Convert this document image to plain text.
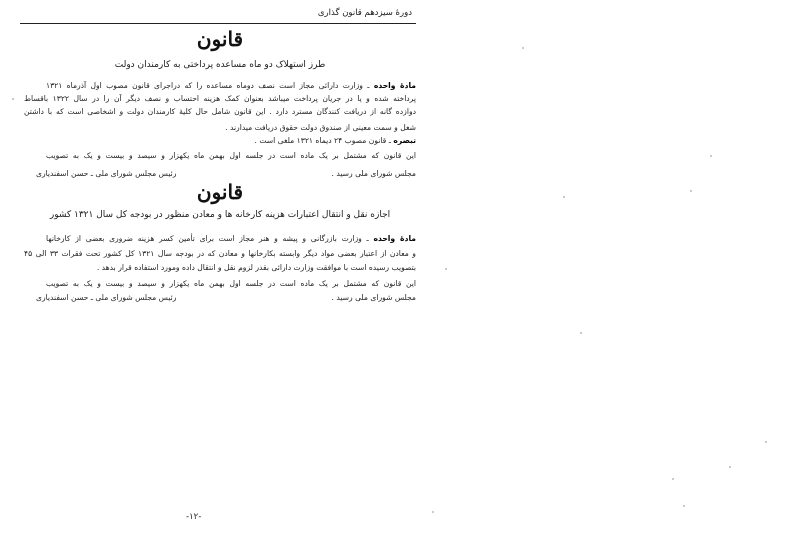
دورهٔ سیزدهم قانون گذاری
قانون
طرز استهلاک دو ماه مساعده پرداختی به کارمندان دولت
مادهٔ واحده ـ وزارت دارائی مجاز است نصف دوماه مساعده را که دراجرای قانون مصوب اول آذرماه ۱۳۲۱
پرداخته شده و یا در جریان پرداخت میباشد بعنوان کمک هزینه احتساب و نصف دیگر آن را در سال ۱۳۲۲ باقساط
دوازده گانه از دریافت کنندگان مسترد دارد . این قانون شامل حال کلیهٔ کارمندان دولت و اشخاصی است که با داشتن
شغل و سمت معینی از صندوق دولت حقوق دریافت میدارند .
تبصره ـ قانون مصوب ۲۴ دیماه ۱۳۲۱ ملغی است .
این قانون که مشتمل بر یک ماده است در جلسه اول بهمن ماه یکهزار و سیصد و بیست و یک به تصویب
مجلس شورای ملی رسید .
رئیس مجلس شورای ملی ـ حسن اسفندیاری
قانون
اجازه نقل و انتقال اعتبارات هزینه کارخانه ها و معادن منظور در بودجه کل سال ۱۳۲۱ کشور
مادهٔ واحده ـ وزارت بازرگانی و پیشه و هنر مجاز است برای تأمین کسر هزینه ضروری بعضی از کارخانها
و معادن از اعتبار بعضی مواد دیگر وابسته بکارخانها و معادن که در بودجه سال ۱۳۲۱ کل کشور تحت فقرات ۳۳ الی ۴۵
بتصویب رسیده است با موافقت وزارت دارائی بقدر لزوم نقل و انتقال داده ومورد استفاده قرار بدهد .
این قانون که مشتمل بر یک ماده است در جلسه اول بهمن ماه یکهزار و سیصد و بیست و یک به تصویب
مجلس شورای ملی رسید .
رئیس مجلس شورای ملی ـ حسن اسفندیاری
-۱۲-
